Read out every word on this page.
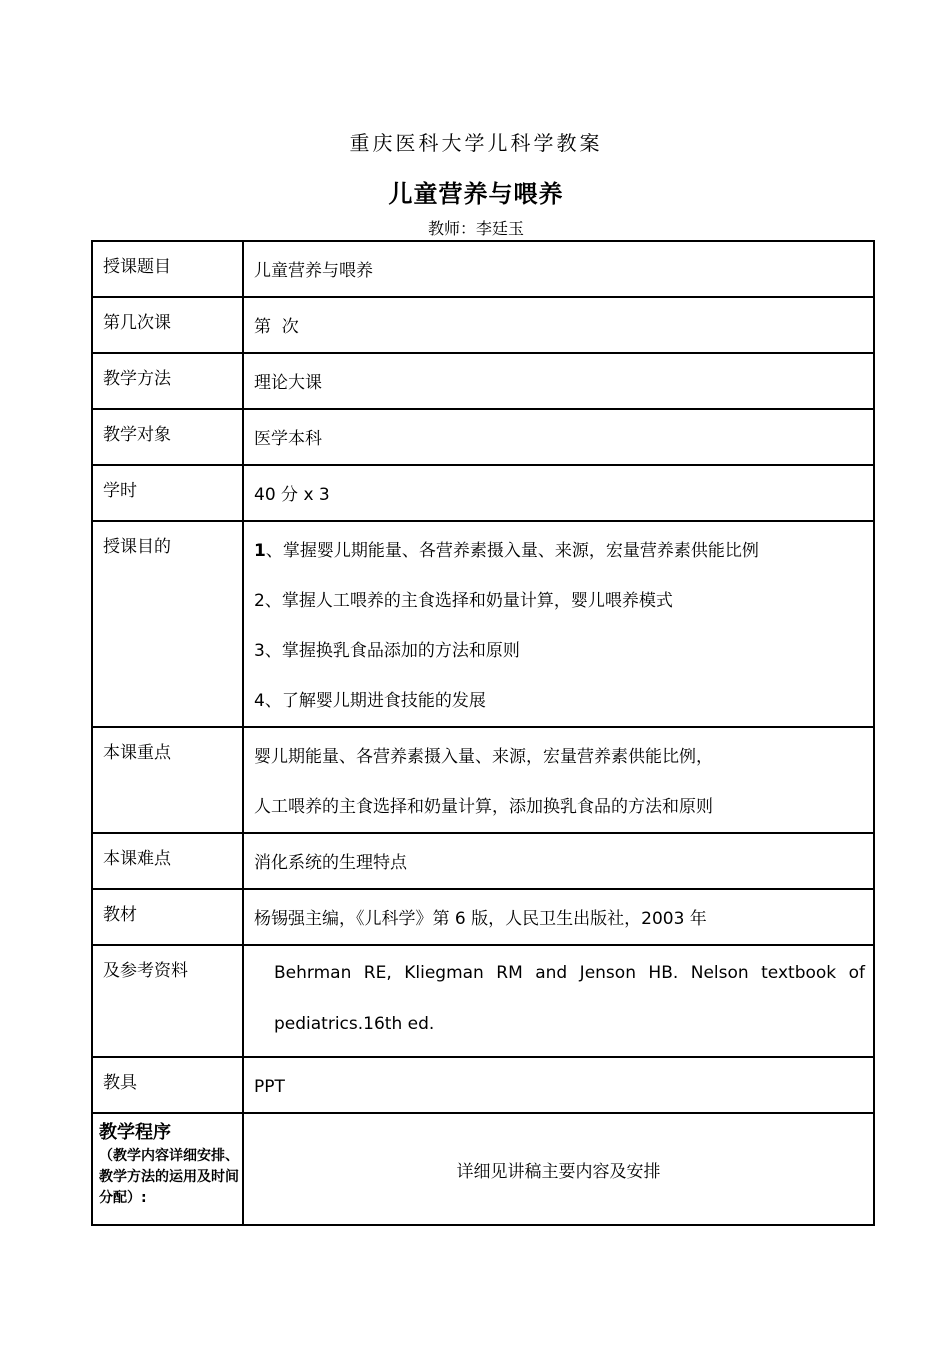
重庆医科大学儿科学教案
儿童营养与喂养
教师：李廷玉
授课题目	儿童营养与喂养

第几次课	第  次

教学方法	理论大课

教学对象	医学本科

学时	40 分 x 3

授课目的	1、掌握婴儿期能量、各营养素摄入量、来源，宏量营养素供能比例
2、掌握人工喂养的主食选择和奶量计算，婴儿喂养模式
3、掌握换乳食品添加的方法和原则
4、了解婴儿期进食技能的发展

本课重点	婴儿期能量、各营养素摄入量、来源，宏量营养素供能比例，
人工喂养的主食选择和奶量计算，添加换乳食品的方法和原则

本课难点	消化系统的生理特点

教材	杨锡强主编，《儿科学》第 6 版，人民卫生出版社，2003 年

及参考资料	Behrman RE, Kliegman RM and Jenson HB. Nelson textbook of
pediatrics.16th ed.

教具	PPT

教学程序
（教学内容详细安排、教学方法的运用及时间分配）:	详细见讲稿主要内容及安排
